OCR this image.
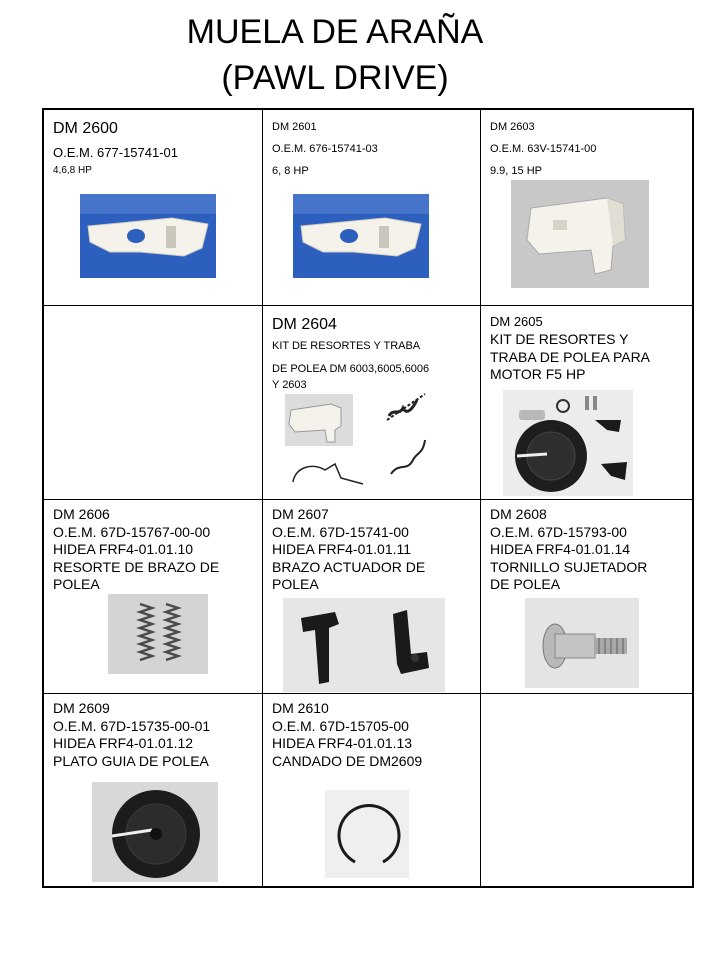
MUELA DE ARAÑA
(PAWL DRIVE)
DM 2600
O.E.M. 677-15741-01
4,6,8 HP
DM 2601
O.E.M. 676-15741-03
6, 8 HP
DM 2603
O.E.M. 63V-15741-00
9.9, 15 HP
DM 2604
KIT DE RESORTES Y TRABA
DE POLEA DM 6003,6005,6006
Y 2603
DM 2605
KIT DE RESORTES Y
TRABA DE POLEA PARA
MOTOR F5 HP
DM 2606
O.E.M. 67D-15767-00-00
HIDEA FRF4-01.01.10
RESORTE DE BRAZO DE
POLEA
DM 2607
O.E.M. 67D-15741-00
HIDEA FRF4-01.01.11
BRAZO ACTUADOR DE
POLEA
DM 2608
O.E.M. 67D-15793-00
HIDEA FRF4-01.01.14
TORNILLO SUJETADOR
DE POLEA
DM 2609
O.E.M. 67D-15735-00-01
HIDEA FRF4-01.01.12
PLATO GUIA DE POLEA
DM 2610
O.E.M. 67D-15705-00
HIDEA FRF4-01.01.13
CANDADO DE DM2609
